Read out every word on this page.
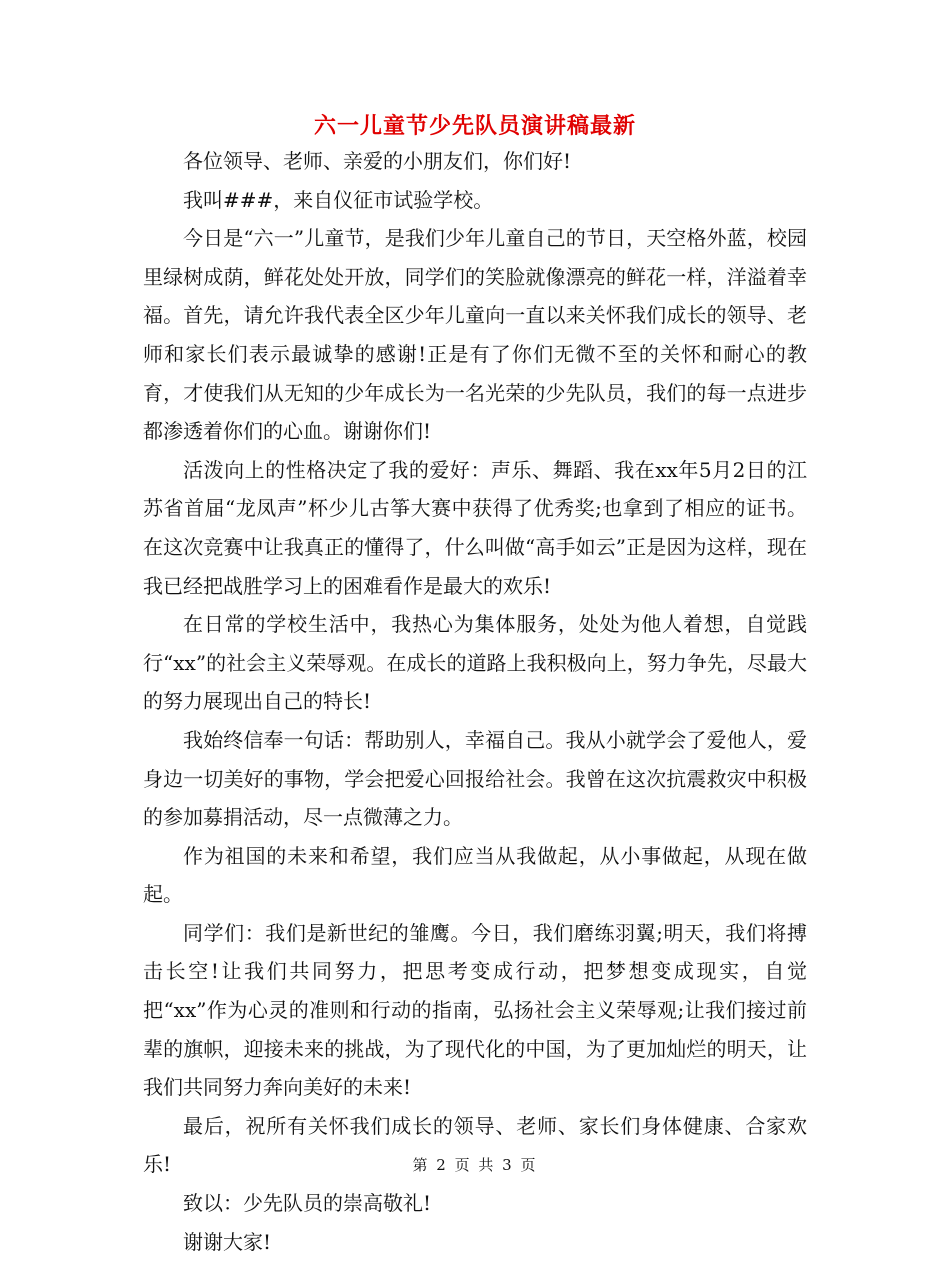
六一儿童节少先队员演讲稿最新

各位领导、老师、亲爱的小朋友们，你们好!

我叫###，来自仪征市试验学校。

今日是“六一”儿童节，是我们少年儿童自己的节日，天空格外蓝，校园里绿树成荫，鲜花处处开放，同学们的笑脸就像漂亮的鲜花一样，洋溢着幸福。首先，请允许我代表全区少年儿童向一直以来关怀我们成长的领导、老师和家长们表示最诚挚的感谢!正是有了你们无微不至的关怀和耐心的教育，才使我们从无知的少年成长为一名光荣的少先队员，我们的每一点进步都渗透着你们的心血。谢谢你们!

活泼向上的性格决定了我的爱好：声乐、舞蹈、我在xx年5月2日的江苏省首届“龙凤声”杯少儿古筝大赛中获得了优秀奖;也拿到了相应的证书。在这次竞赛中让我真正的懂得了，什么叫做“高手如云”正是因为这样，现在我已经把战胜学习上的困难看作是最大的欢乐!

在日常的学校生活中，我热心为集体服务，处处为他人着想，自觉践行“xx”的社会主义荣辱观。在成长的道路上我积极向上，努力争先，尽最大的努力展现出自己的特长!

我始终信奉一句话：帮助别人，幸福自己。我从小就学会了爱他人，爱身边一切美好的事物，学会把爱心回报给社会。我曾在这次抗震救灾中积极的参加募捐活动，尽一点微薄之力。

作为祖国的未来和希望，我们应当从我做起，从小事做起，从现在做起。

同学们：我们是新世纪的雏鹰。今日，我们磨练羽翼;明天，我们将搏击长空!让我们共同努力，把思考变成行动，把梦想变成现实，自觉把“xx”作为心灵的准则和行动的指南，弘扬社会主义荣辱观;让我们接过前辈的旗帜，迎接未来的挑战，为了现代化的中国，为了更加灿烂的明天，让我们共同努力奔向美好的未来!

最后，祝所有关怀我们成长的领导、老师、家长们身体健康、合家欢乐!

致以：少先队员的崇高敬礼!

谢谢大家!

第 2 页 共 3 页
